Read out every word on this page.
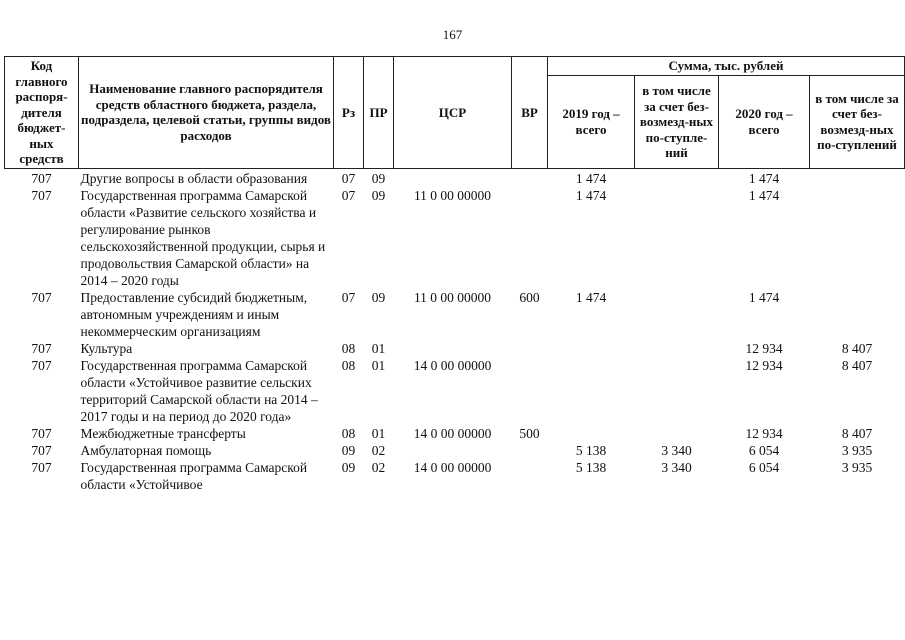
167
Код главного распоря-дителя бюджет-ных средств	Наименование главного распорядителя средств областного бюджета, раздела, подраздела, целевой статьи, группы видов расходов	Рз	ПР	ЦСР	ВР	Сумма, тыс. рублей			
						2019 год – всего	в том числе за счет без-возмезд-ных по-ступле-ний	2020 год – всего	в том числе за счет без-возмезд-ных по-ступлений
707	Другие вопросы в области образования	07	09			1 474		1 474	
707	Государственная программа Самарской области «Развитие сельского хозяйства и регулирование рынков сельскохозяйственной продукции, сырья и продовольствия Самарской области» на 2014 – 2020 годы	07	09	11 0 00 00000		1 474		1 474	
707	Предоставление субсидий бюджетным, автономным учреждениям и иным некоммерческим организациям	07	09	11 0 00 00000	600	1 474		1 474	
707	Культура	08	01					12 934	8 407
707	Государственная программа Самарской области «Устойчивое развитие сельских территорий Самарской области на 2014 – 2017 годы и на период до 2020 года»	08	01	14 0 00 00000				12 934	8 407
707	Межбюджетные трансферты	08	01	14 0 00 00000	500			12 934	8 407
707	Амбулаторная помощь	09	02			5 138	3 340	6 054	3 935
707	Государственная программа Самарской области «Устойчивое	09	02	14 0 00 00000		5 138	3 340	6 054	3 935
